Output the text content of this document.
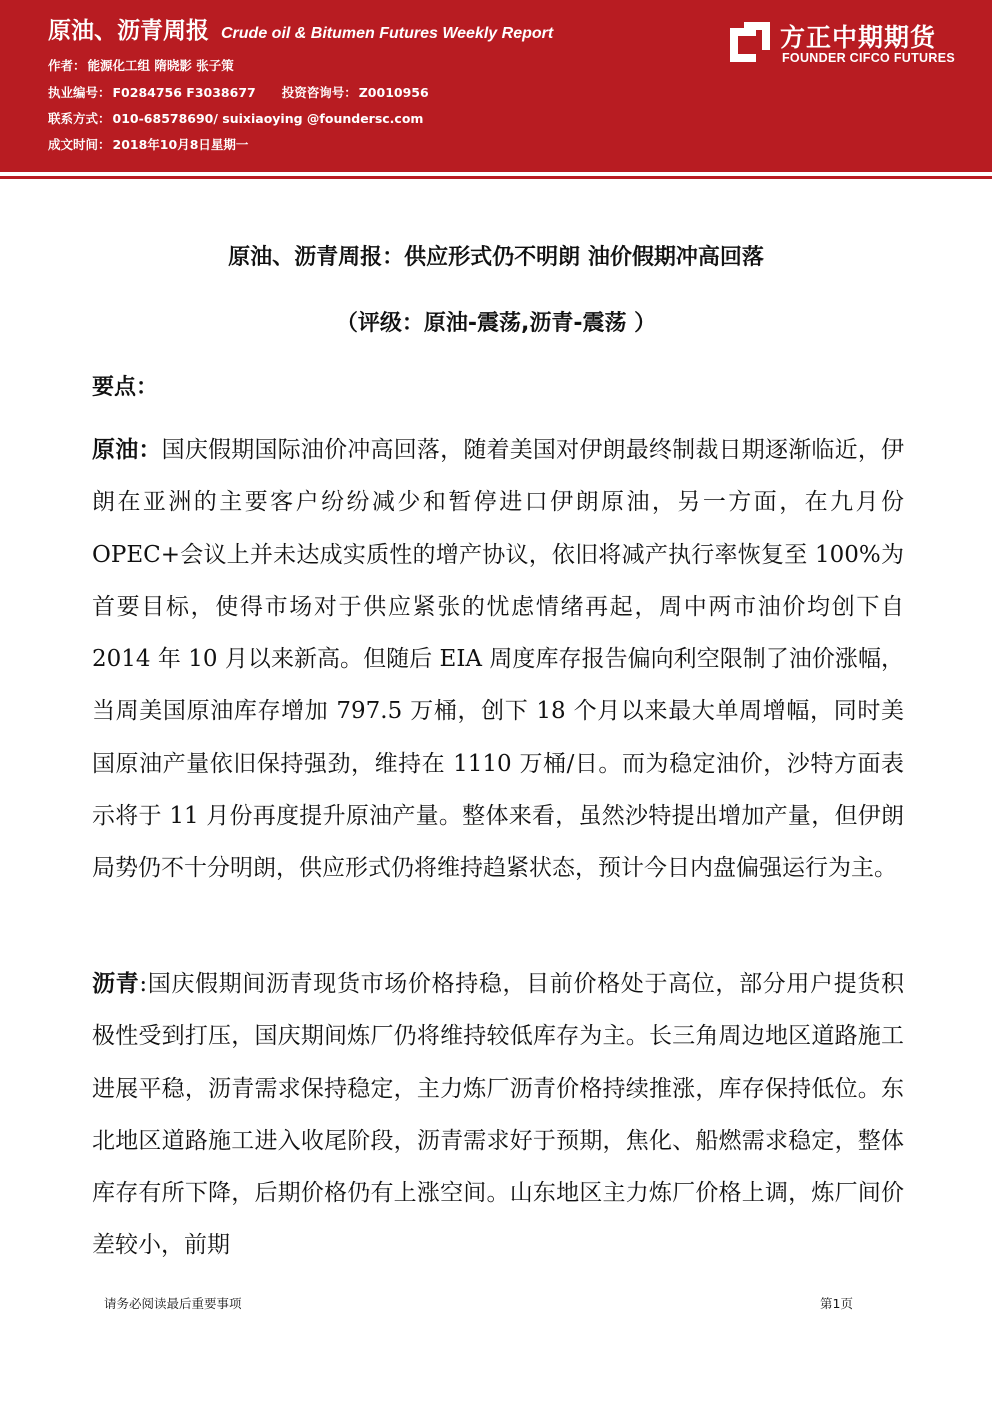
原油、沥青周报 Crude oil & Bitumen Futures Weekly Report
作者： 能源化工组 隋晓影 张子策
执业编号： F0284756 F3038677 投资咨询号： Z0010956
联系方式： 010-68578690/ suixiaoying @foundersc.com
成文时间： 2018年10月8日星期一
方正中期期货
FOUNDER CIFCO FUTURES
原油、沥青周报：供应形式仍不明朗 油价假期冲高回落
（评级：原油-震荡,沥青-震荡 ）
要点：
原油：国庆假期国际油价冲高回落，随着美国对伊朗最终制裁日期逐渐临近，伊朗在亚洲的主要客户纷纷减少和暂停进口伊朗原油，另一方面，在九月份 OPEC+会议上并未达成实质性的增产协议，依旧将减产执行率恢复至 100%为首要目标，使得市场对于供应紧张的忧虑情绪再起，周中两市油价均创下自 2014 年 10 月以来新高。但随后 EIA 周度库存报告偏向利空限制了油价涨幅，当周美国原油库存增加 797.5 万桶，创下 18 个月以来最大单周增幅，同时美国原油产量依旧保持强劲，维持在 1110 万桶/日。而为稳定油价，沙特方面表示将于 11 月份再度提升原油产量。整体来看，虽然沙特提出增加产量，但伊朗局势仍不十分明朗，供应形式仍将维持趋紧状态，预计今日内盘偏强运行为主。
沥青:国庆假期间沥青现货市场价格持稳，目前价格处于高位，部分用户提货积极性受到打压，国庆期间炼厂仍将维持较低库存为主。长三角周边地区道路施工进展平稳，沥青需求保持稳定，主力炼厂沥青价格持续推涨，库存保持低位。东北地区道路施工进入收尾阶段，沥青需求好于预期，焦化、船燃需求稳定，整体库存有所下降，后期价格仍有上涨空间。山东地区主力炼厂价格上调，炼厂间价差较小，前期
请务必阅读最后重要事项	第1页
